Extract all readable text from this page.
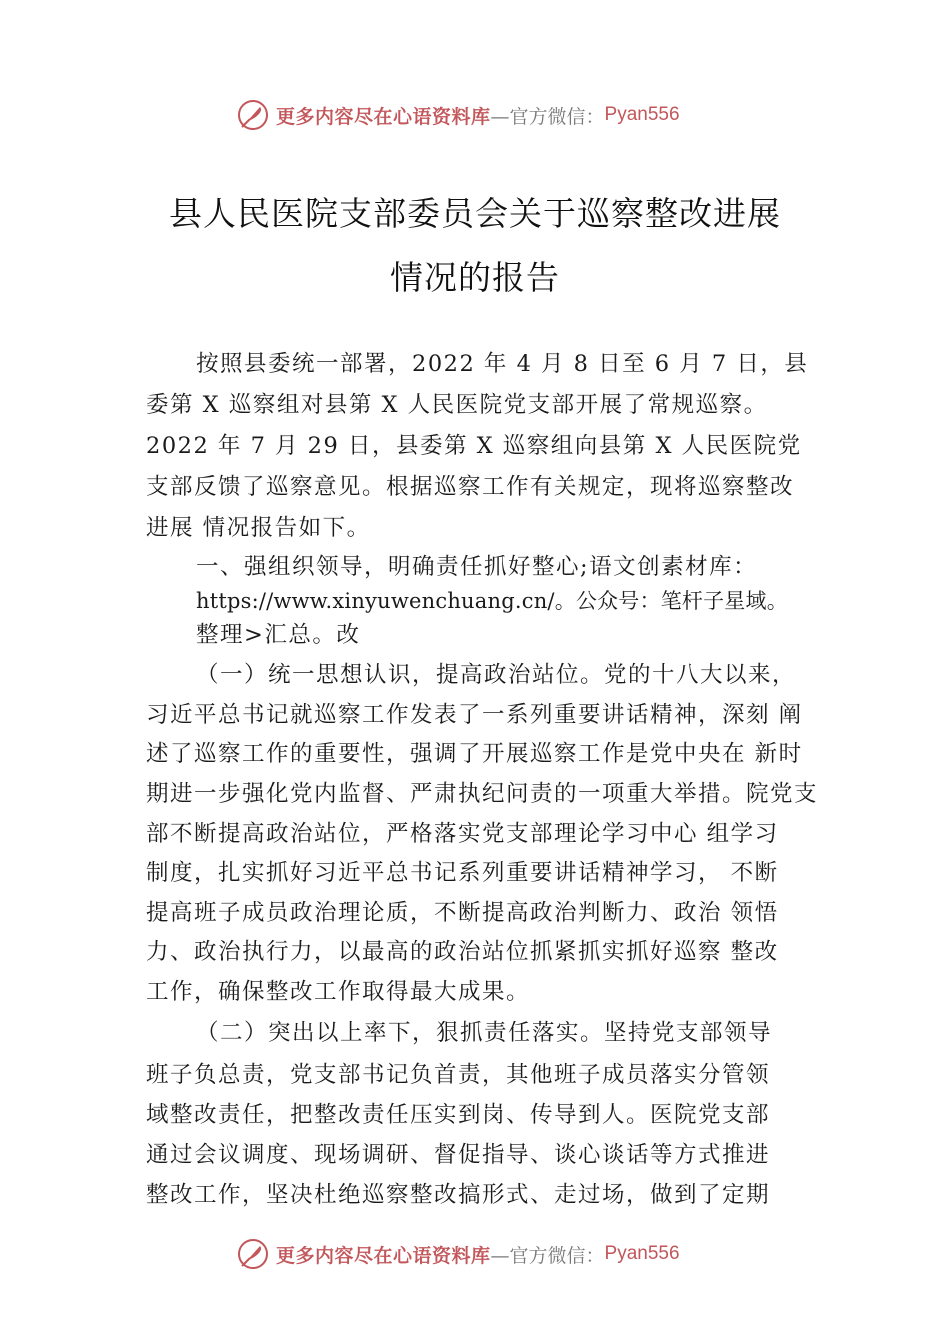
更多内容尽在心语资料库 —官方微信： Pyan556
县人民医院支部委员会关于巡察整改进展
情况的报告
按照县委统一部署，2022 年 4 月 8 日至 6 月 7 日，县
委第 X 巡察组对县第 X 人民医院党支部开展了常规巡察。
2022 年 7 月 29 日，县委第 X 巡察组向县第 X 人民医院党
支部反馈了巡察意见。根据巡察工作有关规定，现将巡察整改
进展 情况报告如下。
一、强组织领导，明确责任抓好整心;语文创素材库：
https://www.xinyuwenchuang.cn/。公众号：笔杆子星域。
整理>汇总。改
（一）统一思想认识，提高政治站位。党的十八大以来，
习近平总书记就巡察工作发表了一系列重要讲话精神，深刻 阐
述了巡察工作的重要性，强调了开展巡察工作是党中央在 新时
期进一步强化党内监督、严肃执纪问责的一项重大举措。院党支
部不断提高政治站位，严格落实党支部理论学习中心 组学习
制度，扎实抓好习近平总书记系列重要讲话精神学习， 不断
提高班子成员政治理论质，不断提高政治判断力、政治 领悟
力、政治执行力，以最高的政治站位抓紧抓实抓好巡察 整改
工作，确保整改工作取得最大成果。
（二）突出以上率下，狠抓责任落实。坚持党支部领导
班子负总责，党支部书记负首责，其他班子成员落实分管领
域整改责任，把整改责任压实到岗、传导到人。医院党支部
通过会议调度、现场调研、督促指导、谈心谈话等方式推进
整改工作，坚决杜绝巡察整改搞形式、走过场，做到了定期
更多内容尽在心语资料库 —官方微信： Pyan556
